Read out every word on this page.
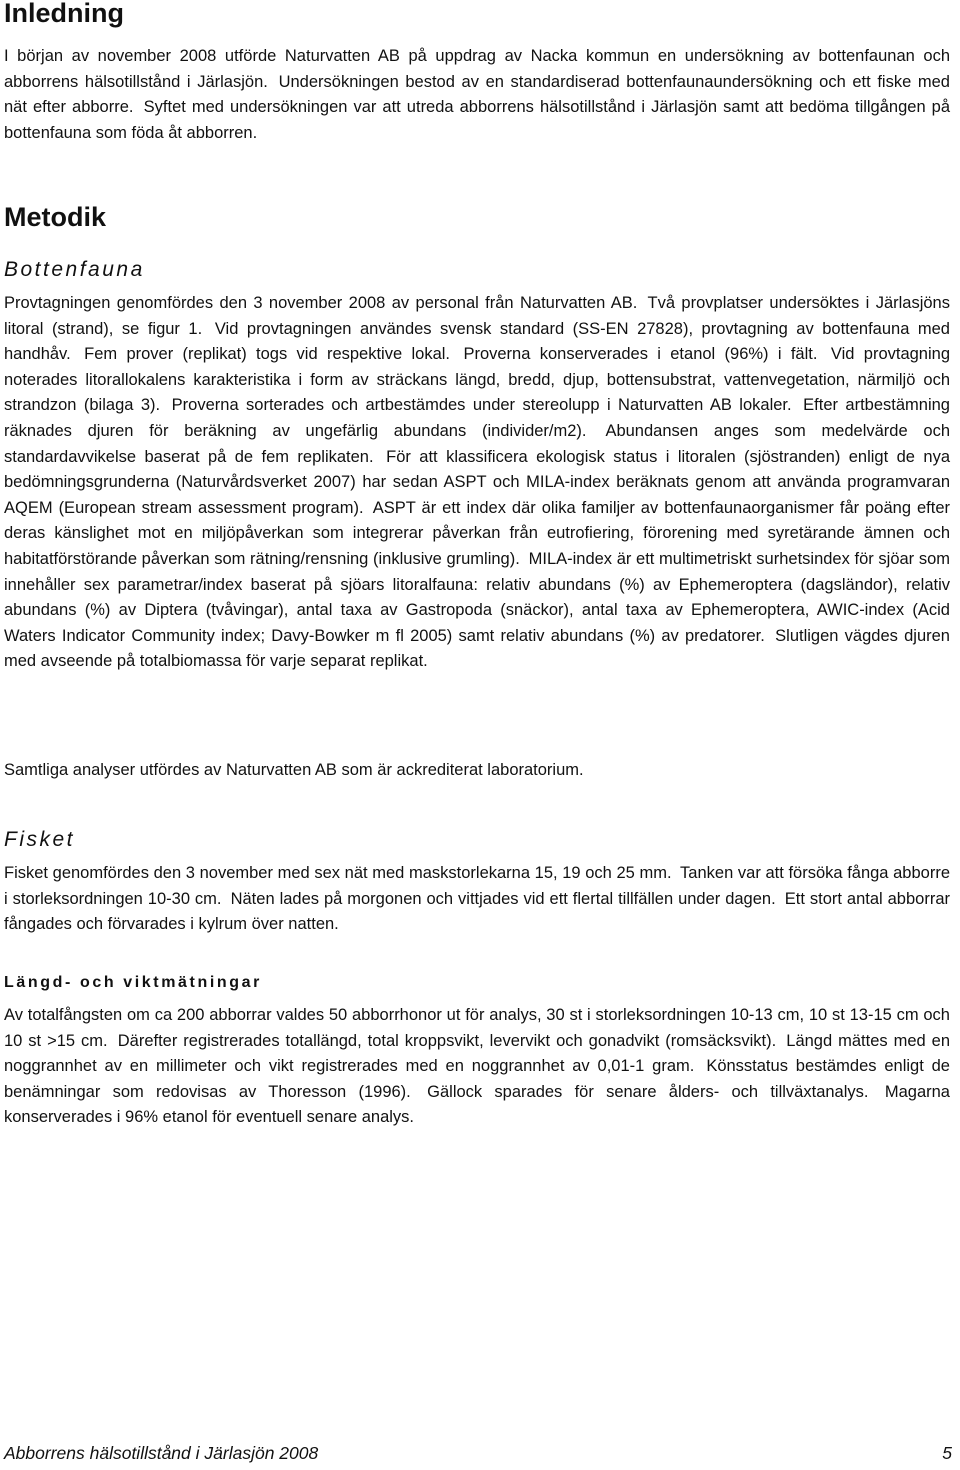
Inledning

I början av november 2008 utförde Naturvatten AB på uppdrag av Nacka kommun en undersökning av bottenfaunan och abborrens hälsotillstånd i Järlasjön. Undersökningen bestod av en standardiserad bottenfaunaundersökning och ett fiske med nät efter abborre. Syftet med undersökningen var att utreda abborrens hälsotillstånd i Järlasjön samt att bedöma tillgången på bottenfauna som föda åt abborren.

Metodik
Bottenfauna

Provtagningen genomfördes den 3 november 2008 av personal från Naturvatten AB. Två provplatser undersöktes i Järlasjöns litoral (strand), se figur 1. Vid provtagningen användes svensk standard (SS-EN 27828), provtagning av bottenfauna med handhåv. Fem prover (replikat) togs vid respektive lokal. Proverna konserverades i etanol (96%) i fält. Vid provtagning noterades litorallokalens karakteristika i form av sträckans längd, bredd, djup, bottensubstrat, vattenvegetation, närmiljö och strandzon (bilaga 3). Proverna sorterades och artbestämdes under stereolupp i Naturvatten AB lokaler. Efter artbestämning räknades djuren för beräkning av ungefärlig abundans (individer/m2). Abundansen anges som medelvärde och standardavvikelse baserat på de fem replikaten. För att klassificera ekologisk status i litoralen (sjöstranden) enligt de nya bedömningsgrunderna (Naturvårdsverket 2007) har sedan ASPT och MILA-index beräknats genom att använda programvaran AQEM (European stream assessment program). ASPT är ett index där olika familjer av bottenfaunaorganismer får poäng efter deras känslighet mot en miljöpåverkan som integrerar påverkan från eutrofiering, förorening med syretärande ämnen och habitatförstörande påverkan som rätning/rensning (inklusive grumling). MILA-index är ett multimetriskt surhetsindex för sjöar som innehåller sex parametrar/index baserat på sjöars litoralfauna: relativ abundans (%) av Ephemeroptera (dagsländor), relativ abundans (%) av Diptera (tvåvingar), antal taxa av Gastropoda (snäckor), antal taxa av Ephemeroptera, AWIC-index (Acid Waters Indicator Community index; Davy-Bowker m fl 2005) samt relativ abundans (%) av predatorer. Slutligen vägdes djuren med avseende på totalbiomassa för varje separat replikat.

Samtliga analyser utfördes av Naturvatten AB som är ackrediterat laboratorium.

Fisket

Fisket genomfördes den 3 november med sex nät med maskstorlekarna 15, 19 och 25 mm. Tanken var att försöka fånga abborre i storleksordningen 10-30 cm. Näten lades på morgonen och vittjades vid ett flertal tillfällen under dagen. Ett stort antal abborrar fångades och förvarades i kylrum över natten.

Längd- och viktmätningar

Av totalfångsten om ca 200 abborrar valdes 50 abborrhonor ut för analys, 30 st i storleksordningen 10-13 cm, 10 st 13-15 cm och 10 st >15 cm. Därefter registrerades totallängd, total kroppsvikt, levervikt och gonadvikt (romsäcksvikt). Längd mättes med en noggrannhet av en millimeter och vikt registrerades med en noggrannhet av 0,01-1 gram. Könsstatus bestämdes enligt de benämningar som redovisas av Thoresson (1996). Gällock sparades för senare ålders- och tillväxtanalys. Magarna konserverades i 96% etanol för eventuell senare analys.

Abborrens hälsotillstånd i Järlasjön 2008	5
